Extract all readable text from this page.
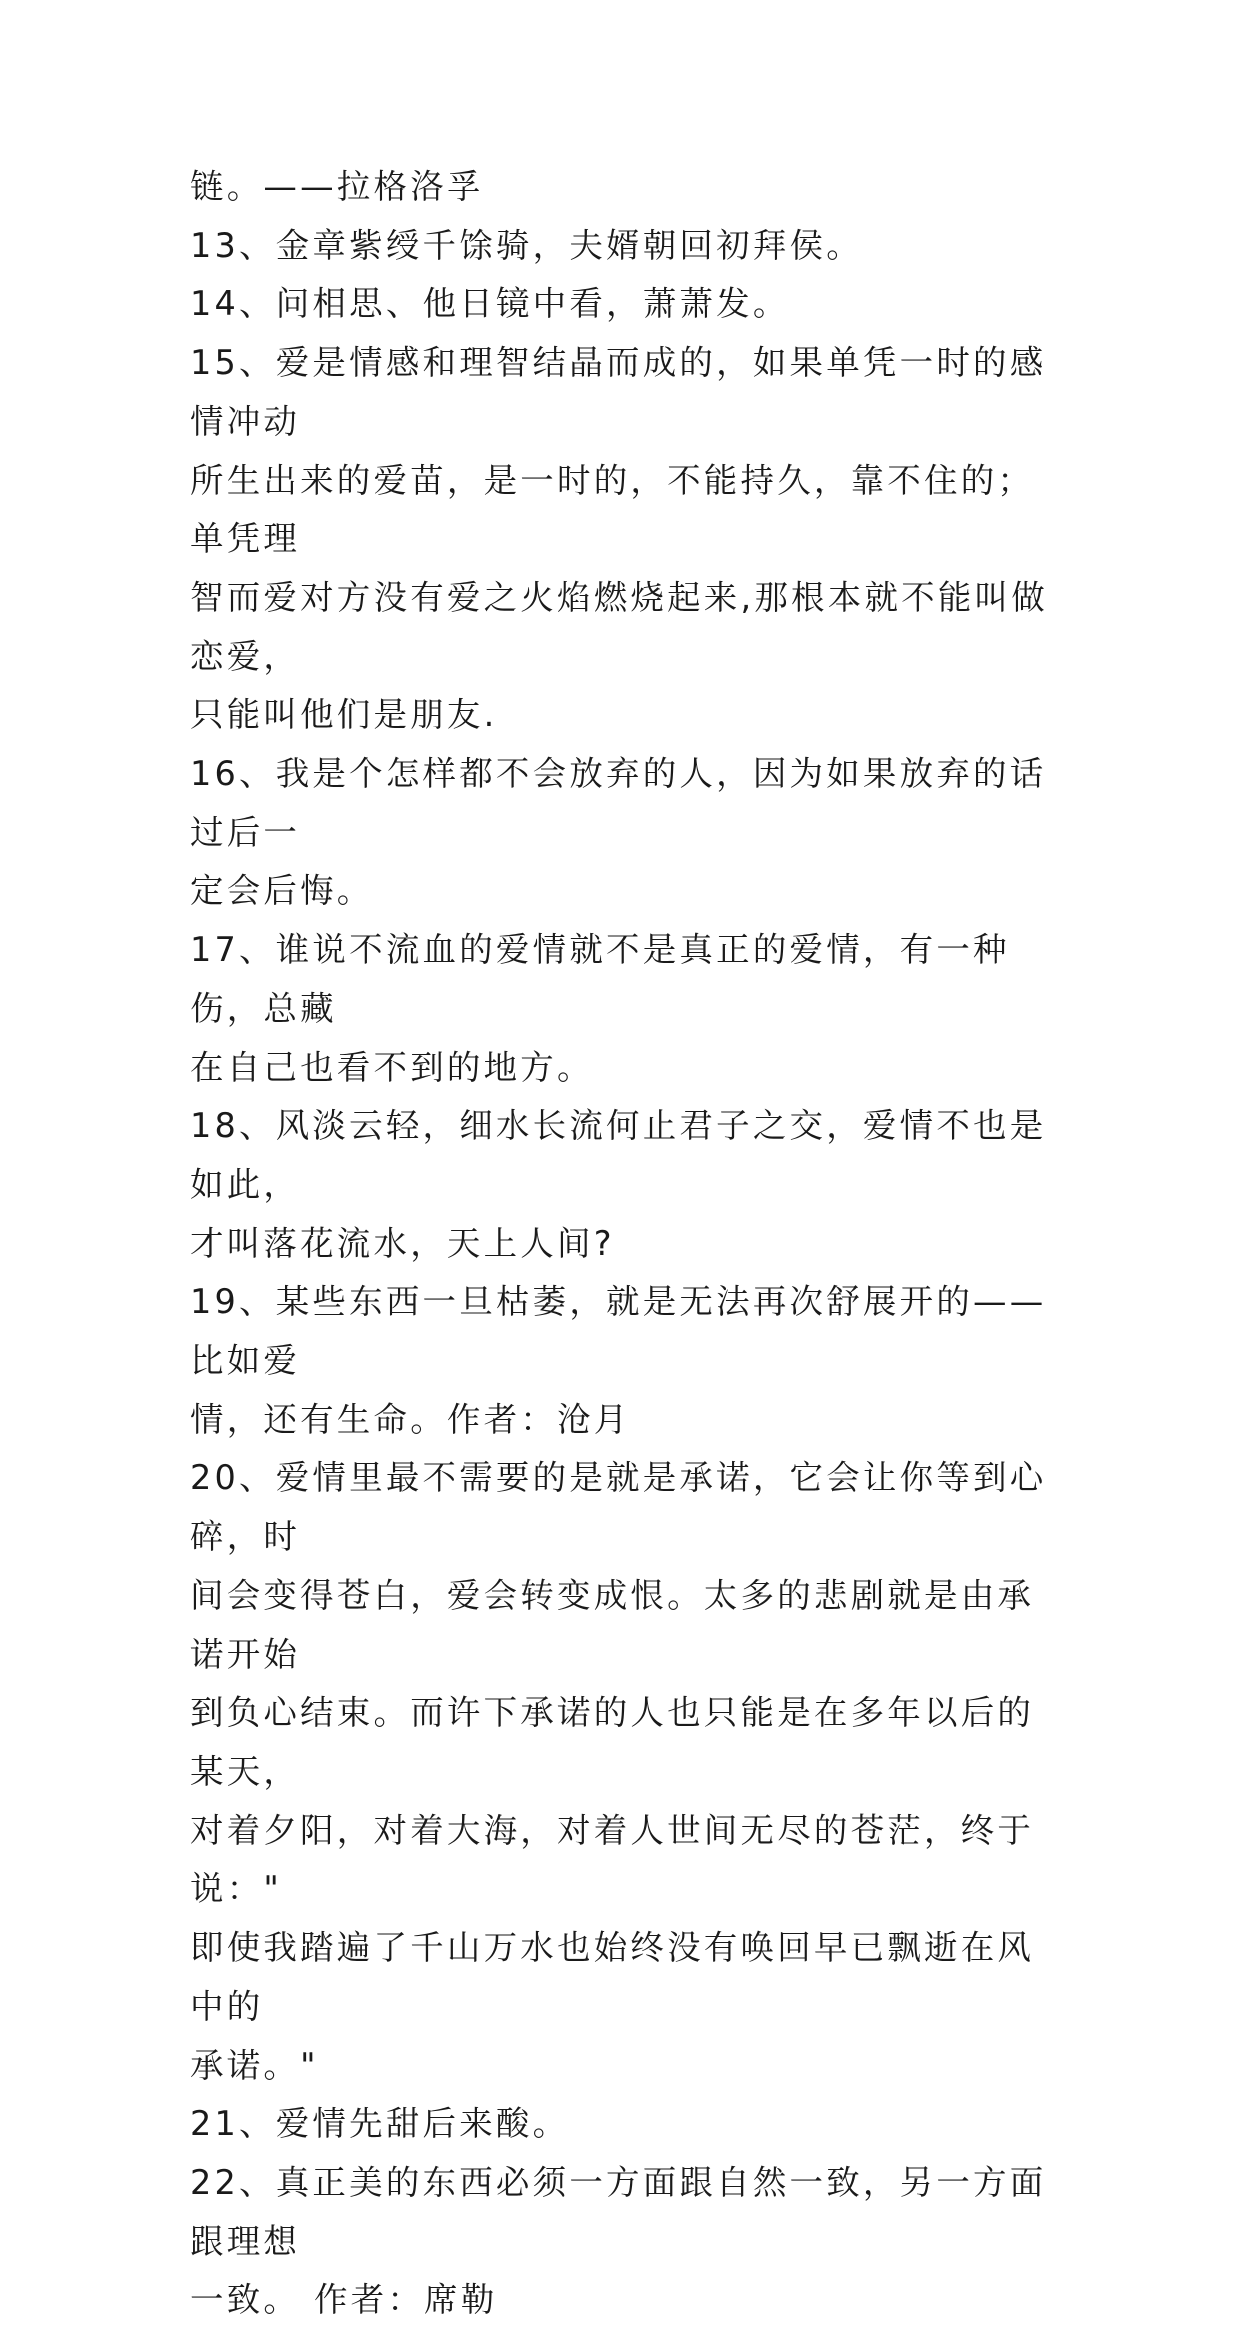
链。——拉格洛孚

13、金章紫绶千馀骑，夫婿朝回初拜侯。

14、问相思、他日镜中看，萧萧发。

15、爱是情感和理智结晶而成的，如果单凭一时的感情冲动

所生出来的爱苗，是一时的，不能持久，靠不住的；单凭理

智而爱对方没有爱之火焰燃烧起来,那根本就不能叫做恋爱，

只能叫他们是朋友.

16、我是个怎样都不会放弃的人，因为如果放弃的话过后一

定会后悔。

17、谁说不流血的爱情就不是真正的爱情，有一种伤，总藏

在自己也看不到的地方。

18、风淡云轻，细水长流何止君子之交，爱情不也是如此，

才叫落花流水，天上人间?

19、某些东西一旦枯萎，就是无法再次舒展开的——比如爱

情，还有生命。作者：沧月

20、爱情里最不需要的是就是承诺，它会让你等到心碎，时

间会变得苍白，爱会转变成恨。太多的悲剧就是由承诺开始

到负心结束。而许下承诺的人也只能是在多年以后的某天，

对着夕阳，对着大海，对着人世间无尽的苍茫，终于说："

即使我踏遍了千山万水也始终没有唤回早已飘逝在风中的

承诺。"

21、爱情先甜后来酸。

22、真正美的东西必须一方面跟自然一致，另一方面跟理想

一致。 作者：席勒
